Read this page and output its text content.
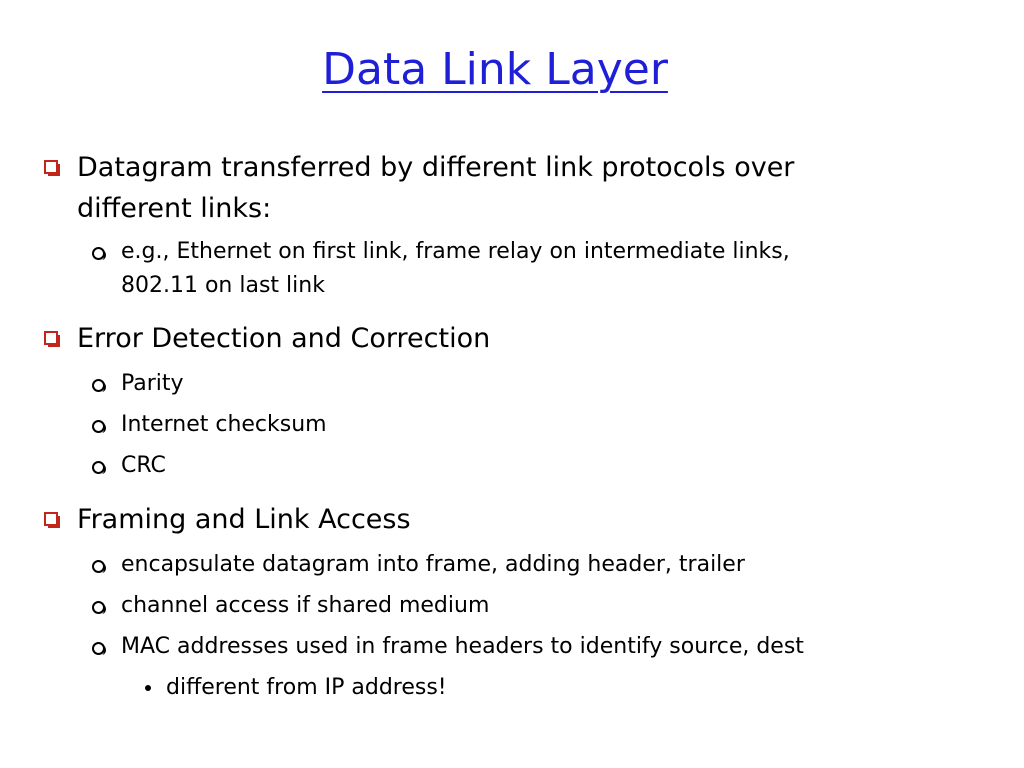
Data Link Layer
Datagram transferred by different link protocols over
different links:
e.g., Ethernet on first link, frame relay on intermediate links,
802.11 on last link
Error Detection and Correction
Parity
Internet checksum
CRC
Framing and Link Access
encapsulate datagram into frame, adding header, trailer
channel access if shared medium
MAC addresses used in frame headers to identify source, dest
different from IP address!
